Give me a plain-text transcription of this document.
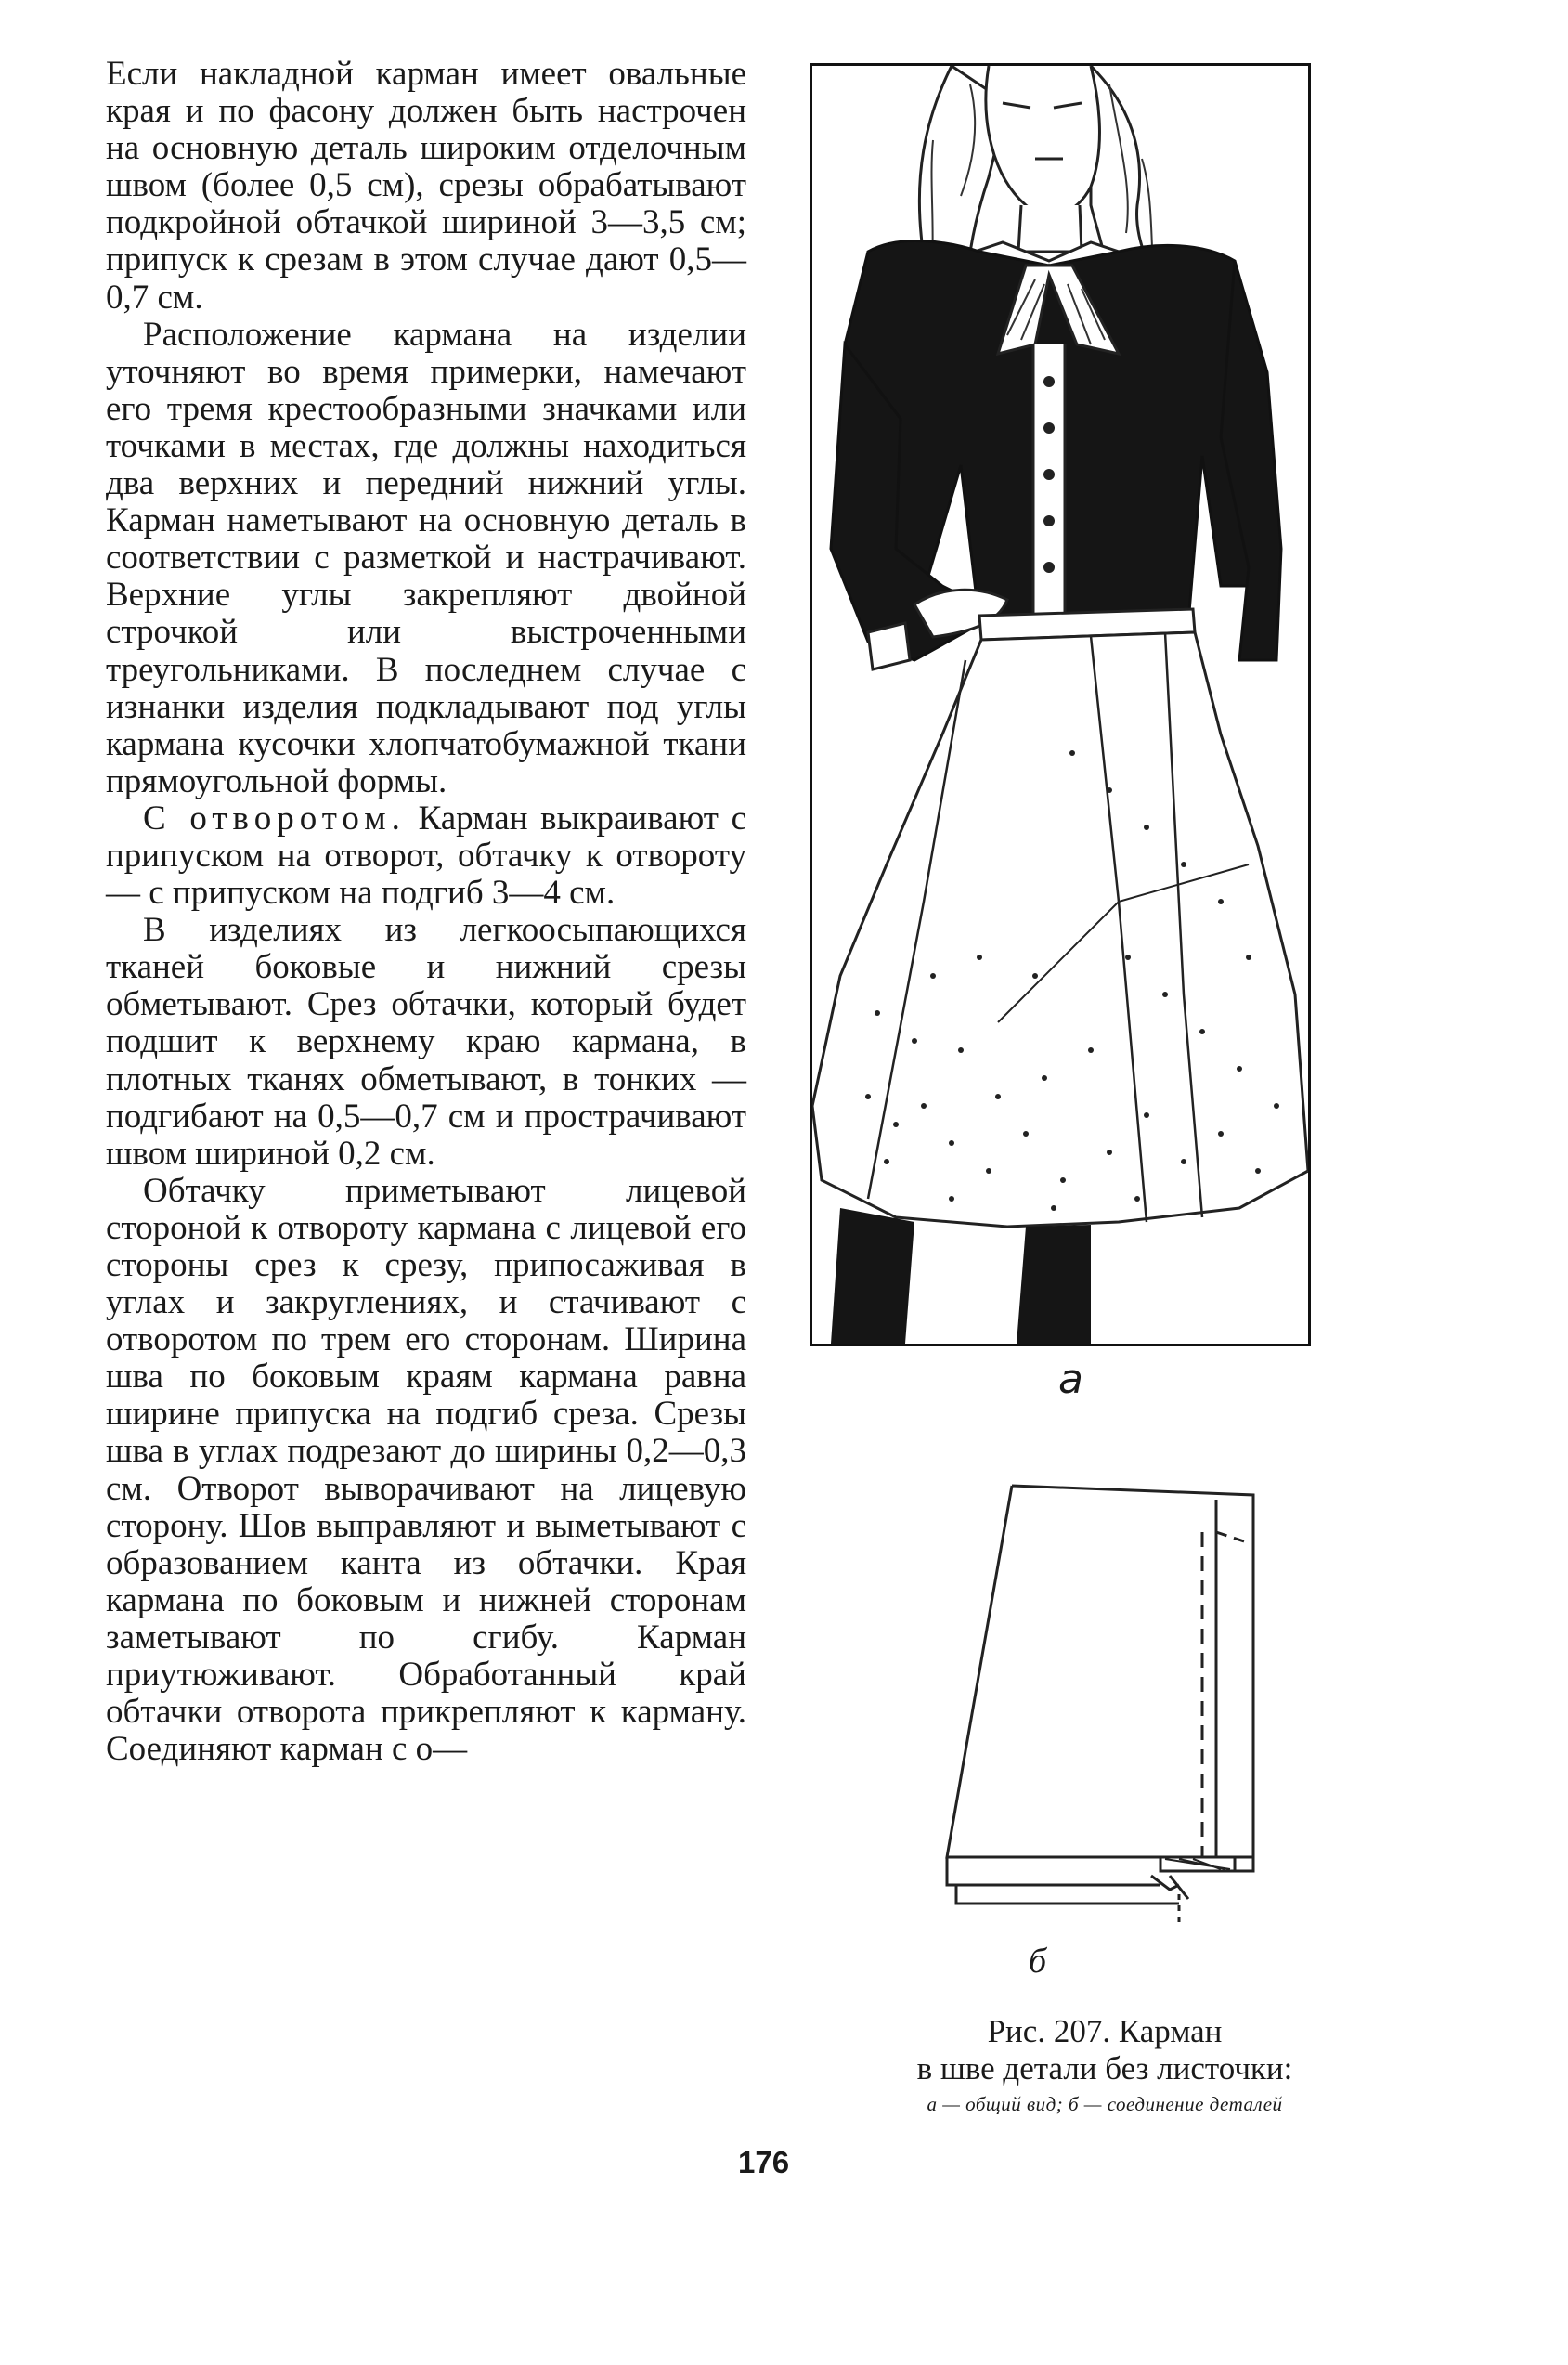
Если накладной карман имеет овальные края и по фасону должен быть настрочен на основную деталь широким отделочным швом (более 0,5 см), срезы обрабатывают подкройной обтачкой шириной 3—3,5 см; припуск к срезам в этом случае дают 0,5—0,7 см.

Расположение кармана на изделии уточняют во время примерки, намечают его тремя крестообразными значками или точками в местах, где должны находиться два верхних и передний нижний углы. Карман наметывают на основную деталь в соответствии с разметкой и настрачивают. Верхние углы закрепляют двойной строчкой или выстроченными треугольниками. В последнем случае с изнанки изделия подкладывают под углы кармана кусочки хлопчатобумажной ткани прямоугольной формы.

С отворотом. Карман выкраивают с припуском на отворот, обтачку к отвороту — с припуском на подгиб 3—4 см.

В изделиях из легкоосыпающихся тканей боковые и нижний срезы обметывают. Срез обтачки, который будет подшит к верхнему краю кармана, в плотных тканях обметывают, в тонких — подгибают на 0,5—0,7 см и прострачивают швом шириной 0,2 см.

Обтачку приметывают лицевой стороной к отвороту кармана с лицевой его стороны срез к срезу, припосаживая в углах и закруглениях, и стачивают с отворотом по трем его сторонам. Ширина шва по боковым краям кармана равна ширине припуска на подгиб среза. Срезы шва в углах подрезают до ширины 0,2—0,3 см. Отворот выворачивают на лицевую сторону. Шов выправляют и выметывают с образованием канта из обтачки. Края кармана по боковым и нижней сторонам заметывают по сгибу. Карман приутюживают. Обработанный край обтачки отворота прикрепляют к карману. Соединяют карман с о—

а
б
Рис. 207. Карман
в шве детали без листочки:
а — общий вид; б — соединение деталей
176
